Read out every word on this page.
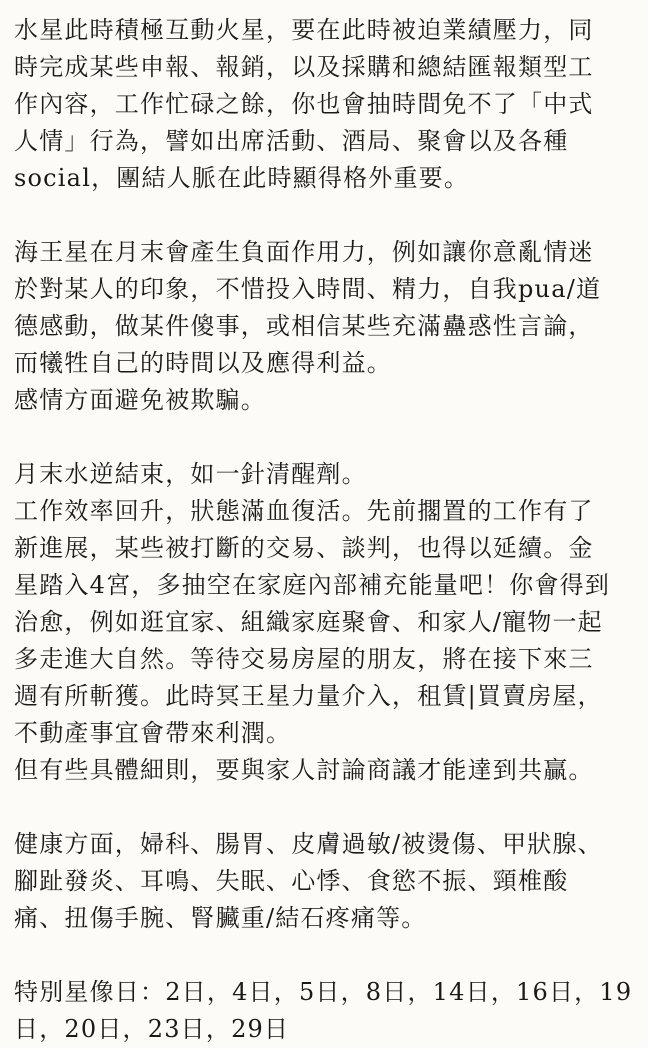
水星此時積極互動火星，要在此時被迫業績壓力，同
時完成某些申報、報銷，以及採購和總結匯報類型工
作內容，工作忙碌之餘，你也會抽時間免不了「中式
人情」行為，譬如出席活動、酒局、聚會以及各種
social，團結人脈在此時顯得格外重要。
海王星在月末會產生負面作用力，例如讓你意亂情迷
於對某人的印象，不惜投入時間、精力，自我pua/道
德感動，做某件傻事，或相信某些充滿蠱惑性言論，
而犧牲自己的時間以及應得利益。
感情方面避免被欺騙。
月末水逆結束，如一針清醒劑。
工作效率回升，狀態滿血復活。先前擱置的工作有了
新進展，某些被打斷的交易、談判，也得以延續。金
星踏入4宮，多抽空在家庭內部補充能量吧！你會得到
治愈，例如逛宜家、組織家庭聚會、和家人/寵物一起
多走進大自然。等待交易房屋的朋友，將在接下來三
週有所斬獲。此時冥王星力量介入，租賃|買賣房屋，
不動產事宜會帶來利潤。
但有些具體細則，要與家人討論商議才能達到共贏。
健康方面，婦科、腸胃、皮膚過敏/被燙傷、甲狀腺、
腳趾發炎、耳鳴、失眠、心悸、食慾不振、頸椎酸
痛、扭傷手腕、腎臟重/結石疼痛等。
特別星像日：2日，4日，5日，8日，14日，16日，19
日，20日，23日，29日
